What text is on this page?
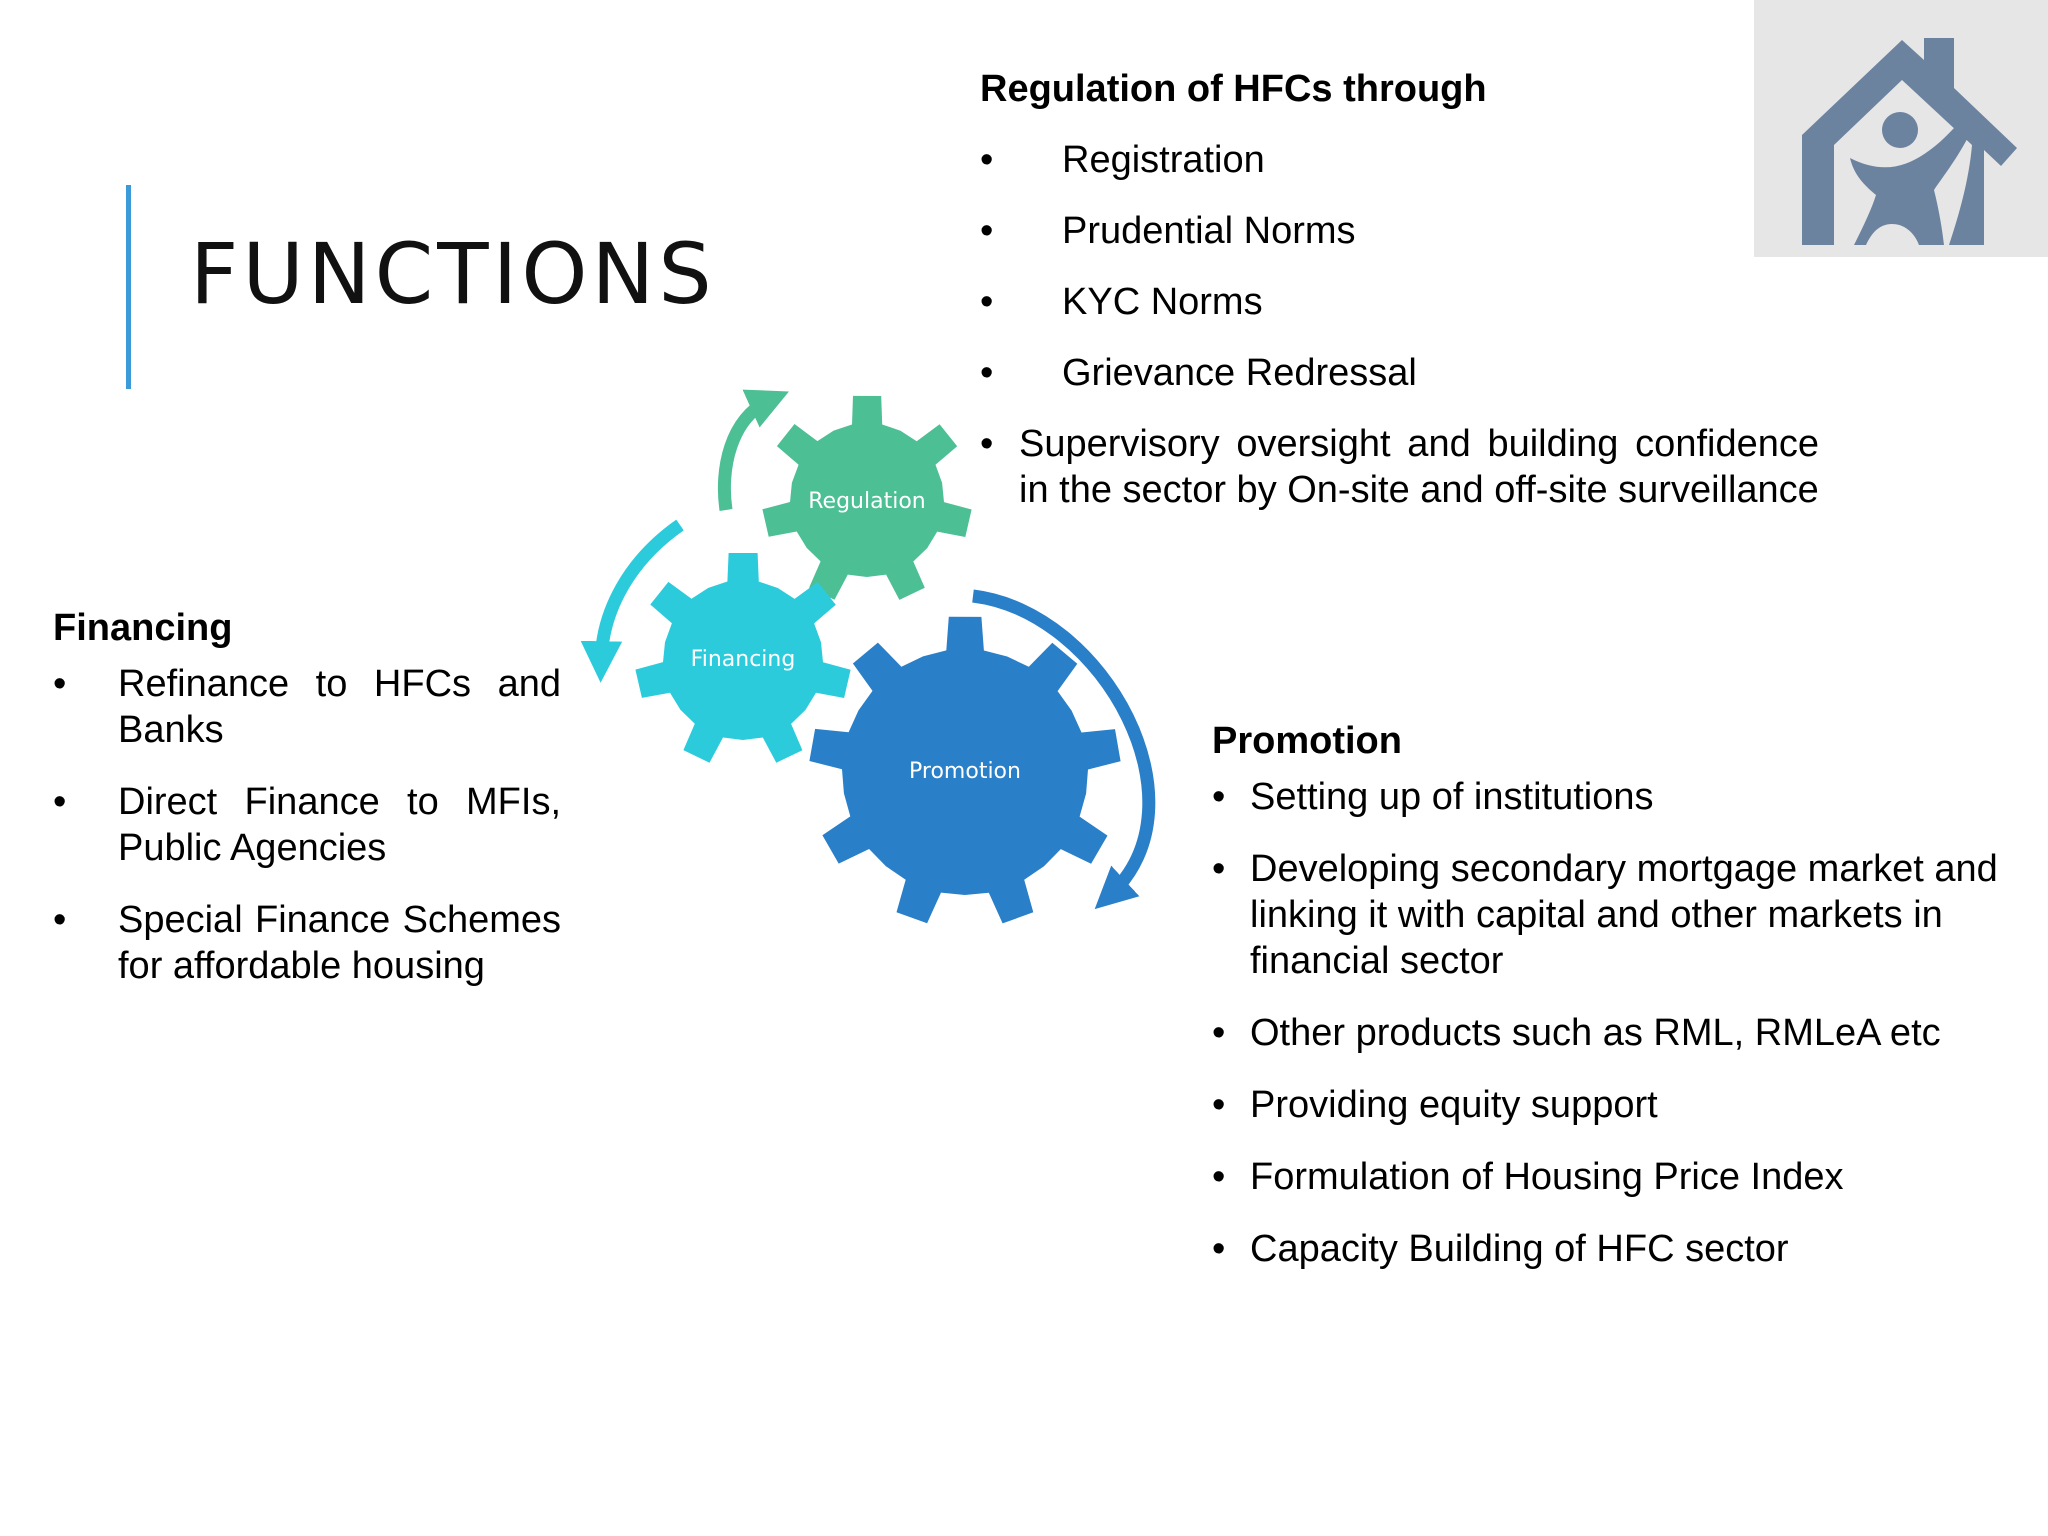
FUNCTIONS

Regulation of HFCs through

• Registration
• Prudential Norms
• KYC Norms
• Grievance Redressal
• Supervisory oversight and building confidence in the sector by On-site and off-site surveillance

Financing

• Refinance to HFCs and Banks
• Direct Finance to MFIs, Public Agencies
• Special Finance Schemes for affordable housing

Promotion

• Setting up of institutions
• Developing secondary mortgage market and linking it with capital and other markets in financial sector
• Other products such as RML, RMLeA etc
• Providing equity support
• Formulation of Housing Price Index
• Capacity Building of HFC sector
Regulation
Financing
Promotion
